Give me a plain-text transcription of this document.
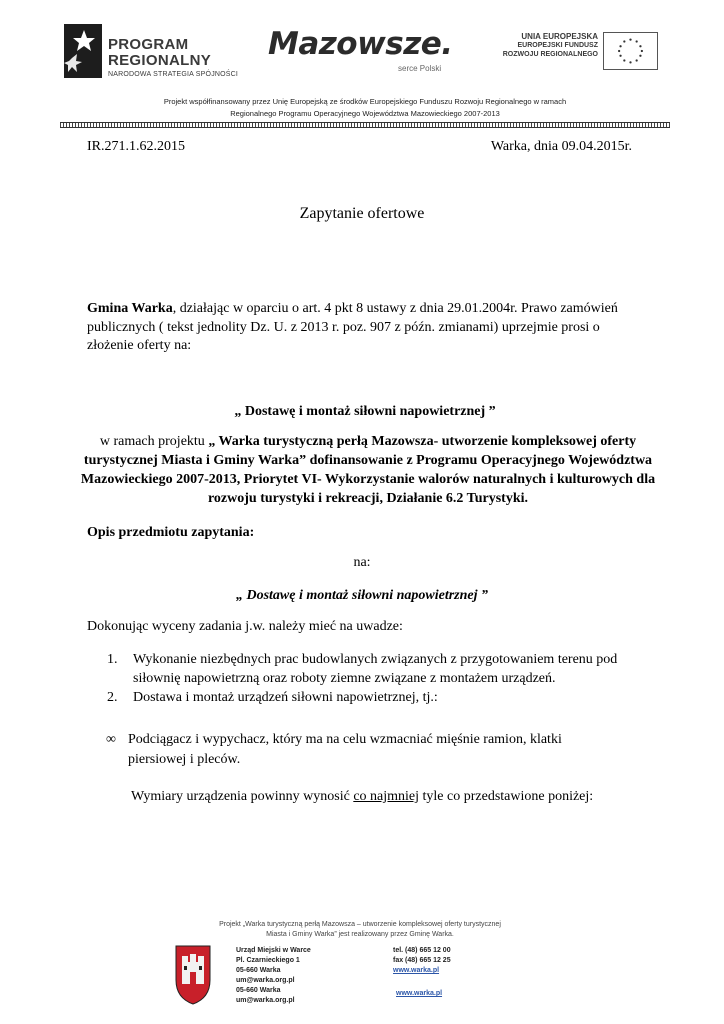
PROGRAM
REGIONALNY
NARODOWA STRATEGIA SPÓJNOŚCI
Mazowsze.
serce Polski
UNIA EUROPEJSKA
EUROPEJSKI FUNDUSZ
ROZWOJU REGIONALNEGO
Projekt współfinansowany przez Unię Europejską ze środków Europejskiego Funduszu Rozwoju Regionalnego w ramach
Regionalnego Programu Operacyjnego Województwa Mazowieckiego 2007-2013
IR.271.1.62.2015	Warka, dnia 09.04.2015r.
Zapytanie ofertowe
Gmina Warka, działając w oparciu o art. 4 pkt 8 ustawy z dnia 29.01.2004r. Prawo zamówień publicznych ( tekst jednolity Dz. U. z 2013 r. poz. 907 z późn. zmianami) uprzejmie prosi o złożenie oferty na:
„ Dostawę i montaż siłowni napowietrznej ”
w ramach projektu „ Warka turystyczną perłą Mazowsza- utworzenie kompleksowej oferty turystycznej Miasta i Gminy Warka” dofinansowanie z Programu Operacyjnego Województwa Mazowieckiego 2007-2013, Priorytet VI- Wykorzystanie walorów naturalnych i kulturowych dla rozwoju turystyki i rekreacji, Działanie 6.2 Turystyki.
Opis przedmiotu zapytania:
na:
„ Dostawę i montaż siłowni napowietrznej ”
Dokonując wyceny zadania j.w. należy mieć na uwadze:
1.	Wykonanie niezbędnych prac budowlanych związanych z przygotowaniem terenu pod siłownię napowietrzną oraz roboty ziemne związane z montażem urządzeń.
2.	Dostawa i montaż urządzeń siłowni napowietrznej, tj.:
∞ Podciągacz i wypychacz, który ma na celu wzmacniać mięśnie ramion, klatki piersiowej i pleców.
Wymiary urządzenia powinny wynosić co najmniej tyle co przedstawione poniżej:
Projekt „Warka turystyczną perłą Mazowsza – utworzenie kompleksowej oferty turystycznej
Miasta i Gminy Warka” jest realizowany przez Gminę Warka.
Urząd Miejski w Warce
Pl. Czarnieckiego 1
05-660 Warka
um@warka.org.pl
05-660 Warka
um@warka.org.pl
tel. (48) 665 12 00
fax (48) 665 12 25
www.warka.pl
www.warka.pl
